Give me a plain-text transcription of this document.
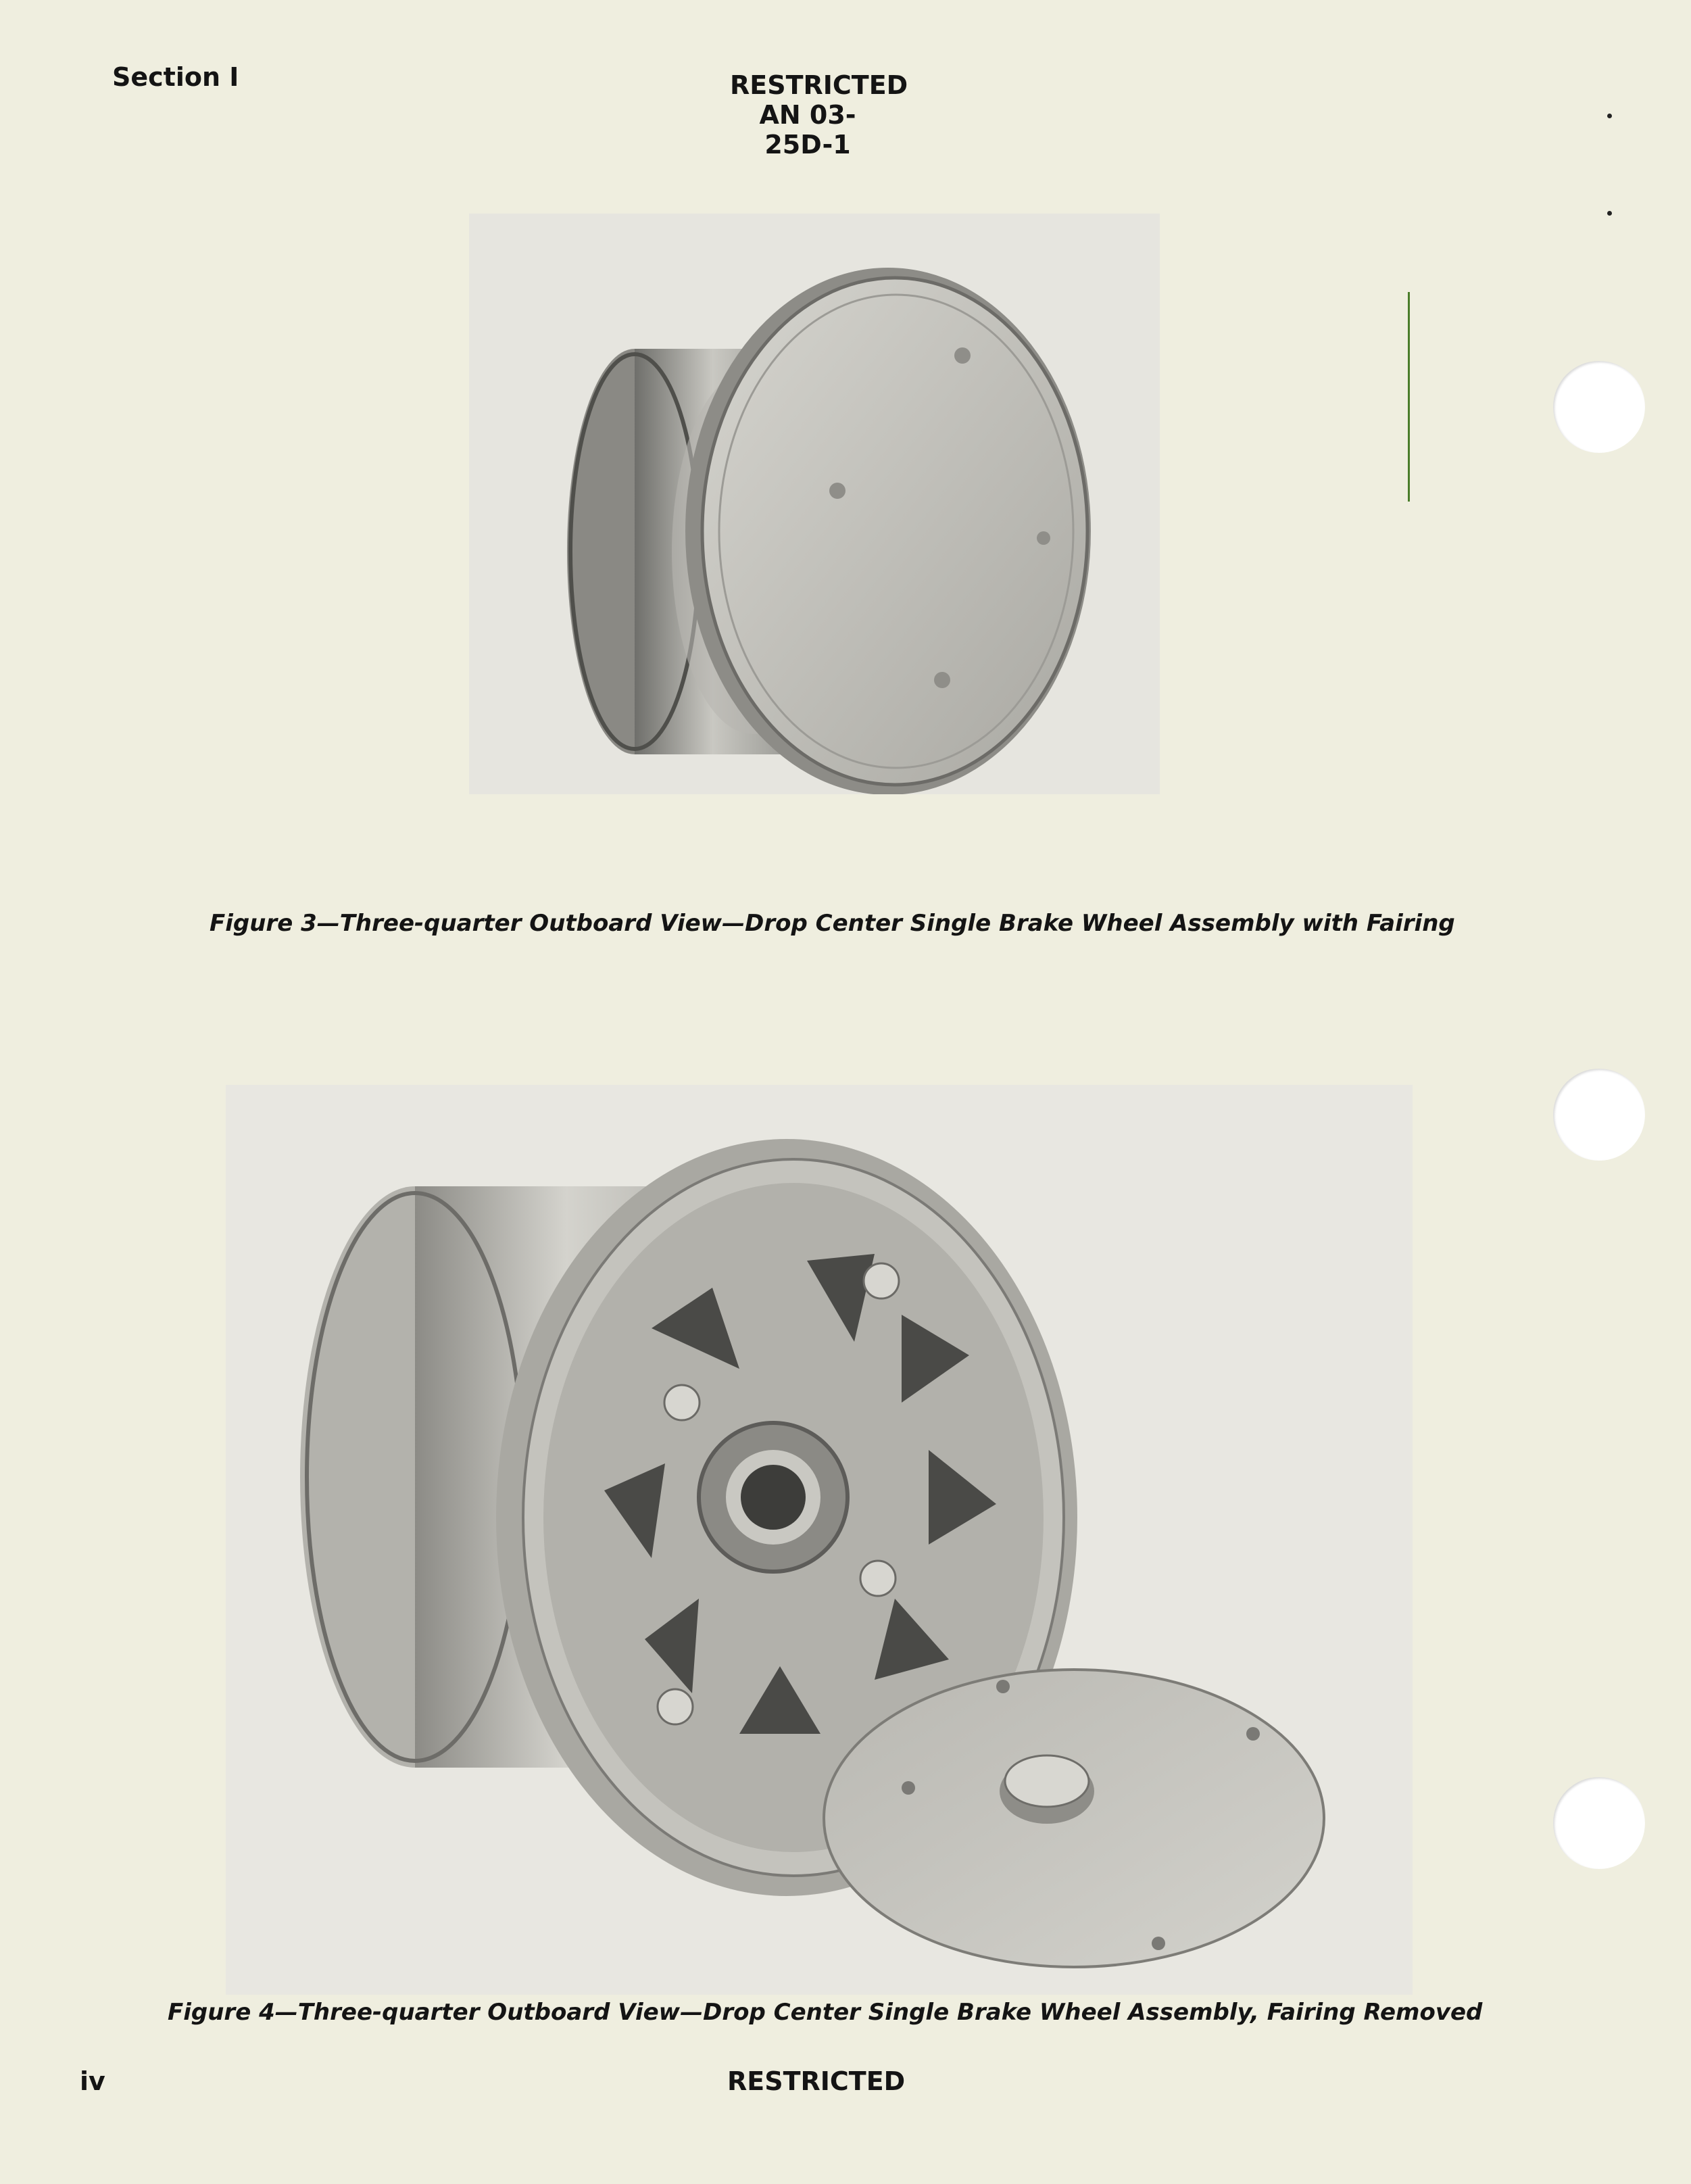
Section I	RESTRICTED
AN 03-25D-1
Figure 3—Three-quarter Outboard View—Drop Center Single Brake Wheel Assembly with Fairing
Figure 4—Three-quarter Outboard View—Drop Center Single Brake Wheel Assembly, Fairing Removed
iv	RESTRICTED
